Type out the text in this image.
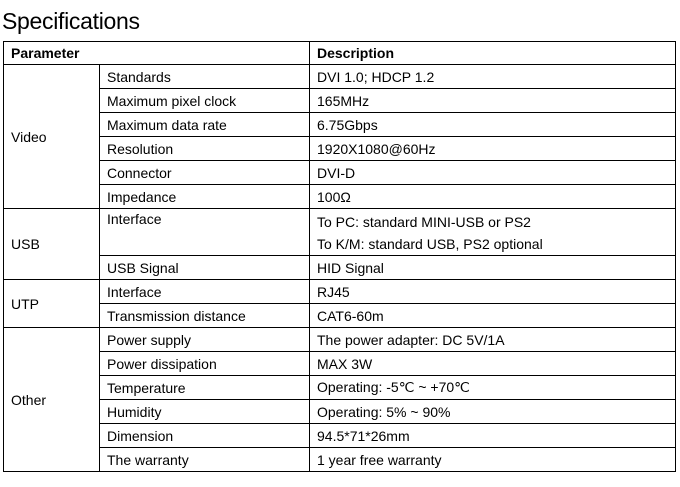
Specifications
Parameter		Description
Video	Standards	DVI 1.0; HDCP 1.2
	Maximum pixel clock	165MHz
	Maximum data rate	6.75Gbps
	Resolution	1920X1080@60Hz
	Connector	DVI-D
	Impedance	100Ω
USB	Interface	To PC: standard MINI-USB or PS2
To K/M: standard USB, PS2 optional

	USB Signal	HID Signal
UTP	Interface	RJ45
	Transmission distance	CAT6-60m
Other	Power supply	The power adapter: DC 5V/1A
	Power dissipation	MAX 3W
	Temperature	Operating: -5℃ ~ +70℃
	Humidity	Operating: 5% ~ 90%
	Dimension	94.5*71*26mm
	The warranty	1 year free warranty
